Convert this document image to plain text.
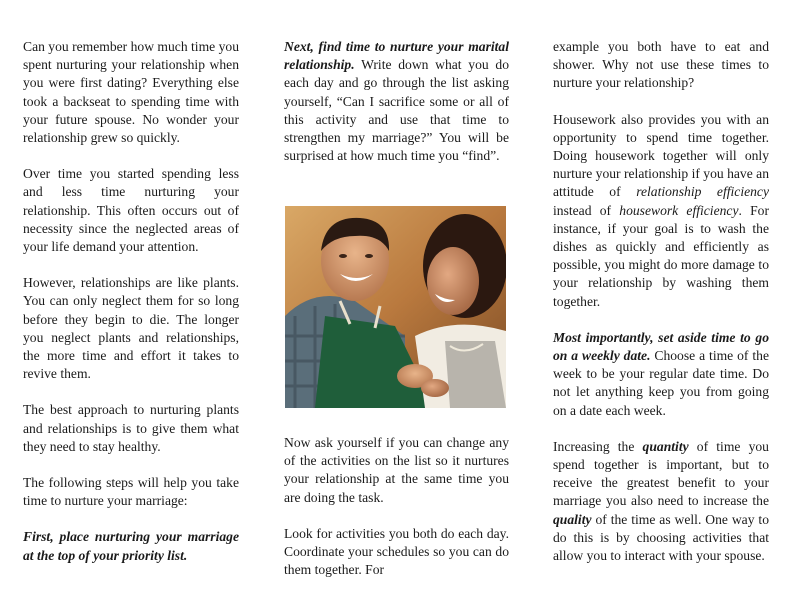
Can you remember how much time you spent nurturing your relationship when you were first dating? Everything else took a backseat to spending time with your future spouse. No wonder your relationship grew so quickly.

Over time you started spending less and less time nurturing your relationship. This often occurs out of necessity since the neglected areas of your life demand your attention.

However, relationships are like plants. You can only neglect them for so long before they begin to die. The longer you neglect plants and relationships, the more time and effort it takes to revive them.

The best approach to nurturing plants and relationships is to give them what they need to stay healthy.

The following steps will help you take time to nurture your marriage:

First, place nurturing your marriage at the top of your priority list.

Next, find time to nurture your marital relationship. Write down what you do each day and go through the list asking yourself, “Can I sacrifice some or all of this activity and use that time to strengthen my marriage?” You will be surprised at how much time you “find”.

Now ask yourself if you can change any of the activities on the list so it nurtures your relationship at the same time you are doing the task.

Look for activities you both do each day. Coordinate your schedules so you can do them together. For

example you both have to eat and shower. Why not use these times to nurture your relationship?

Housework also provides you with an opportunity to spend time together. Doing housework together will only nurture your relationship if you have an attitude of relationship efficiency instead of housework efficiency. For instance, if your goal is to wash the dishes as quickly and efficiently as possible, you might do more damage to your relationship by washing them together.

Most importantly, set aside time to go on a weekly date. Choose a time of the week to be your regular date time. Do not let anything keep you from going on a date each week.

Increasing the quantity of time you spend together is important, but to receive the greatest benefit to your marriage you also need to increase the quality of the time as well. One way to do this is by choosing activities that allow you to interact with your spouse.
